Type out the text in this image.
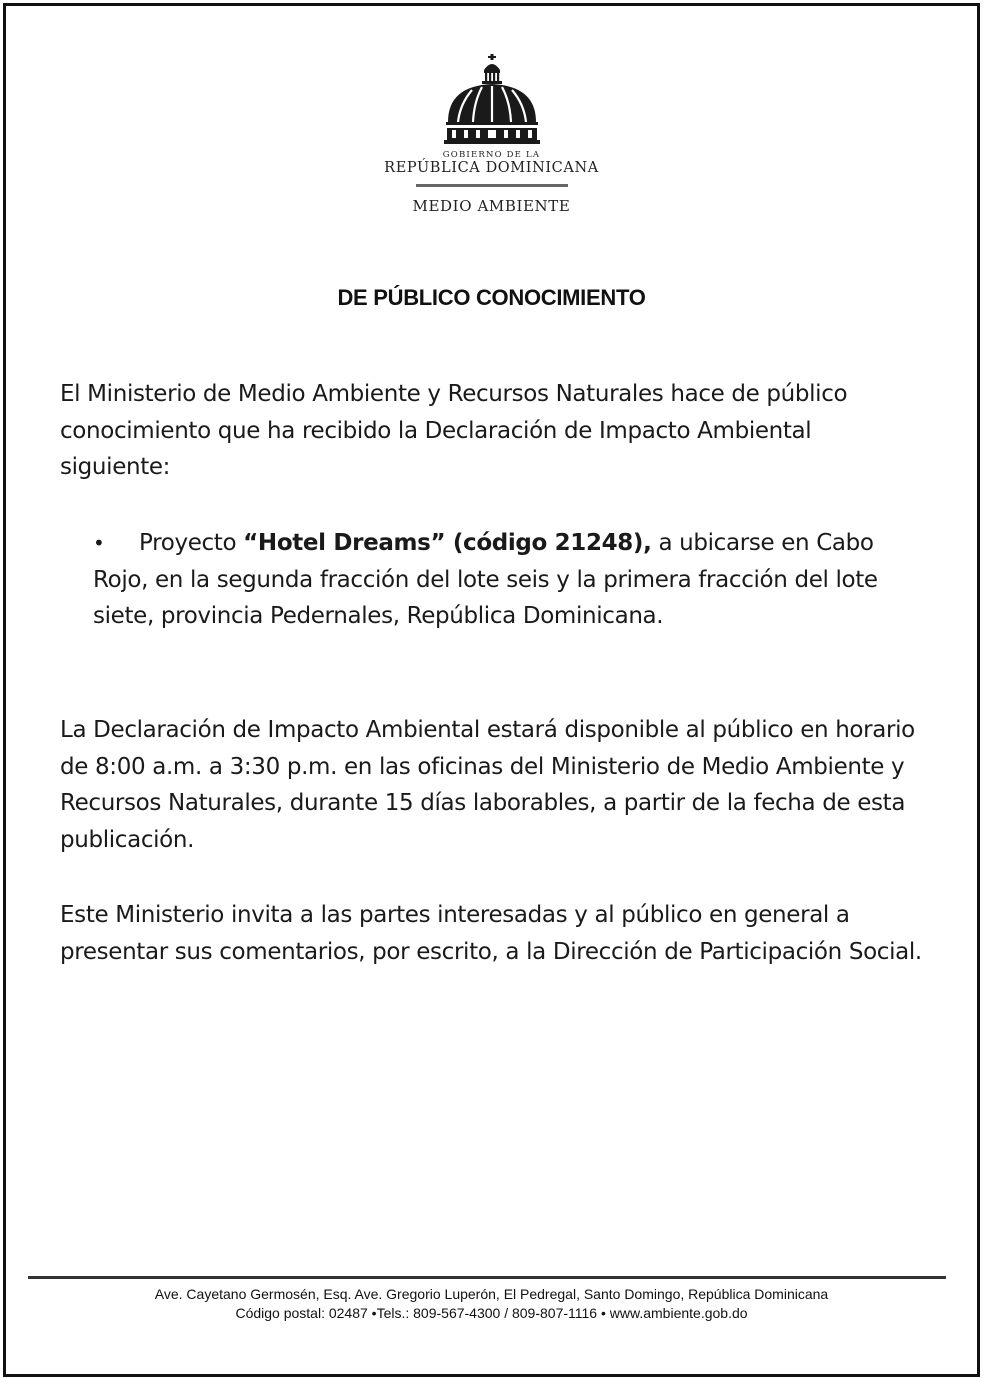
GOBIERNO DE LA
REPÚBLICA DOMINICANA
MEDIO AMBIENTE
DE PÚBLICO CONOCIMIENTO
El Ministerio de Medio Ambiente y Recursos Naturales hace de público conocimiento que ha recibido la Declaración de Impacto Ambiental siguiente:
• Proyecto “Hotel Dreams” (código 21248), a ubicarse en Cabo Rojo, en la segunda fracción del lote seis y la primera fracción del lote siete, provincia Pedernales, República Dominicana.
La Declaración de Impacto Ambiental estará disponible al público en horario de 8:00 a.m. a 3:30 p.m. en las oficinas del Ministerio de Medio Ambiente y Recursos Naturales, durante 15 días laborables, a partir de la fecha de esta publicación.
Este Ministerio invita a las partes interesadas y al público en general a presentar sus comentarios, por escrito, a la Dirección de Participación Social.
Ave. Cayetano Germosén, Esq. Ave. Gregorio Luperón, El Pedregal, Santo Domingo, República Dominicana
Código postal: 02487 •Tels.: 809-567-4300 / 809-807-1116 • www.ambiente.gob.do
